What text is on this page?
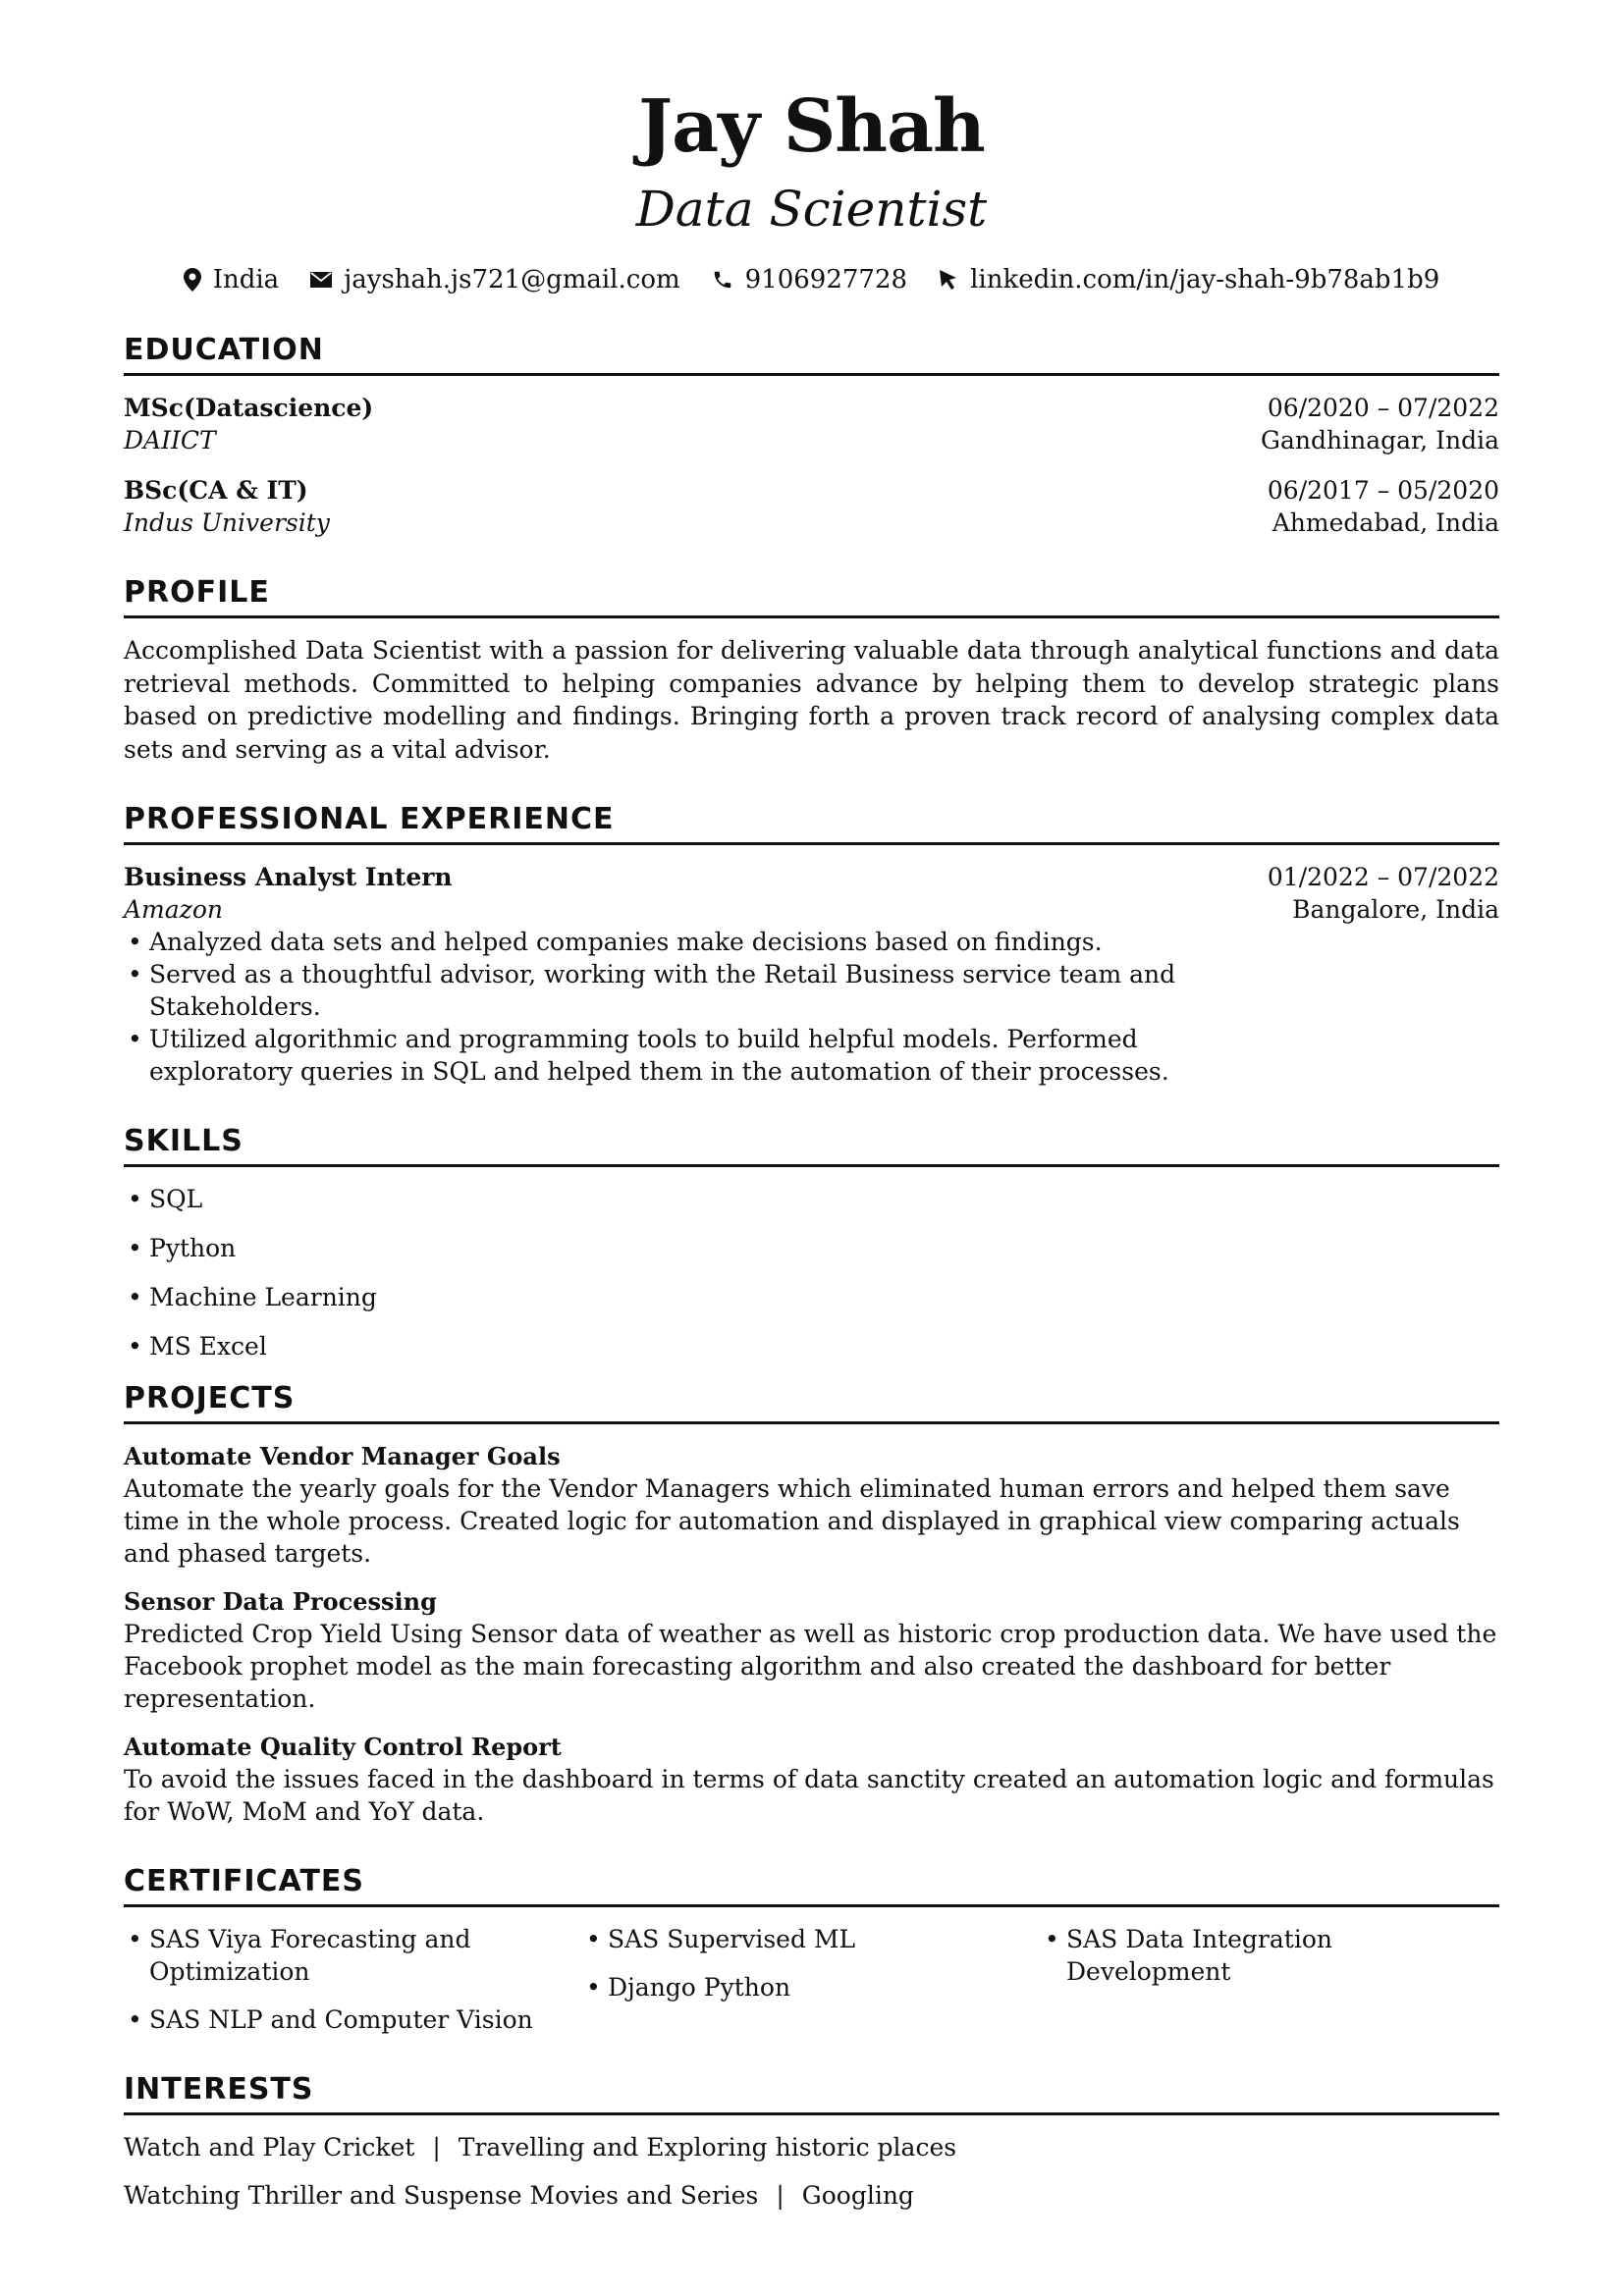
Jay Shah
Data Scientist
India	jayshah.js721@gmail.com	9106927728 linkedin.com/in/jay-shah-9b78ab1b9
EDUCATION
MSc(Datascience)
DAIICT
06/2020 – 07/2022
Gandhinagar, India
BSc(CA & IT)
Indus University
06/2017 – 05/2020
Ahmedabad, India
PROFILE

Accomplished Data Scientist with a passion for delivering valuable data through analytical functions and data retrieval methods. Committed to helping companies advance by helping them to develop strategic plans based on predictive modelling and findings. Bringing forth a proven track record of analysing complex data sets and serving as a vital advisor.

PROFESSIONAL EXPERIENCE
Business Analyst Intern
Amazon
01/2022 – 07/2022
Bangalore, India
• Analyzed data sets and helped companies make decisions based on findings.
• Served as a thoughtful advisor, working with the Retail Business service team and Stakeholders.
• Utilized algorithmic and programming tools to build helpful models. Performed exploratory queries in SQL and helped them in the automation of their processes.
SKILLS
• SQL
• Python
• Machine Learning
• MS Excel
PROJECTS
Automate Vendor Manager Goals
Automate the yearly goals for the Vendor Managers which eliminated human errors and helped them save time in the whole process. Created logic for automation and displayed in graphical view comparing actuals and phased targets.
Sensor Data Processing
Predicted Crop Yield Using Sensor data of weather as well as historic crop production data. We have used the Facebook prophet model as the main forecasting algorithm and also created the dashboard for better representation.
Automate Quality Control Report
To avoid the issues faced in the dashboard in terms of data sanctity created an automation logic and formulas for WoW, MoM and YoY data.
CERTIFICATES
• SAS Viya Forecasting and Optimization
• SAS NLP and Computer Vision
• SAS Supervised ML
• Django Python
• SAS Data Integration Development
INTERESTS
Watch and Play Cricket | Travelling and Exploring historic places
Watching Thriller and Suspense Movies and Series | Googling
